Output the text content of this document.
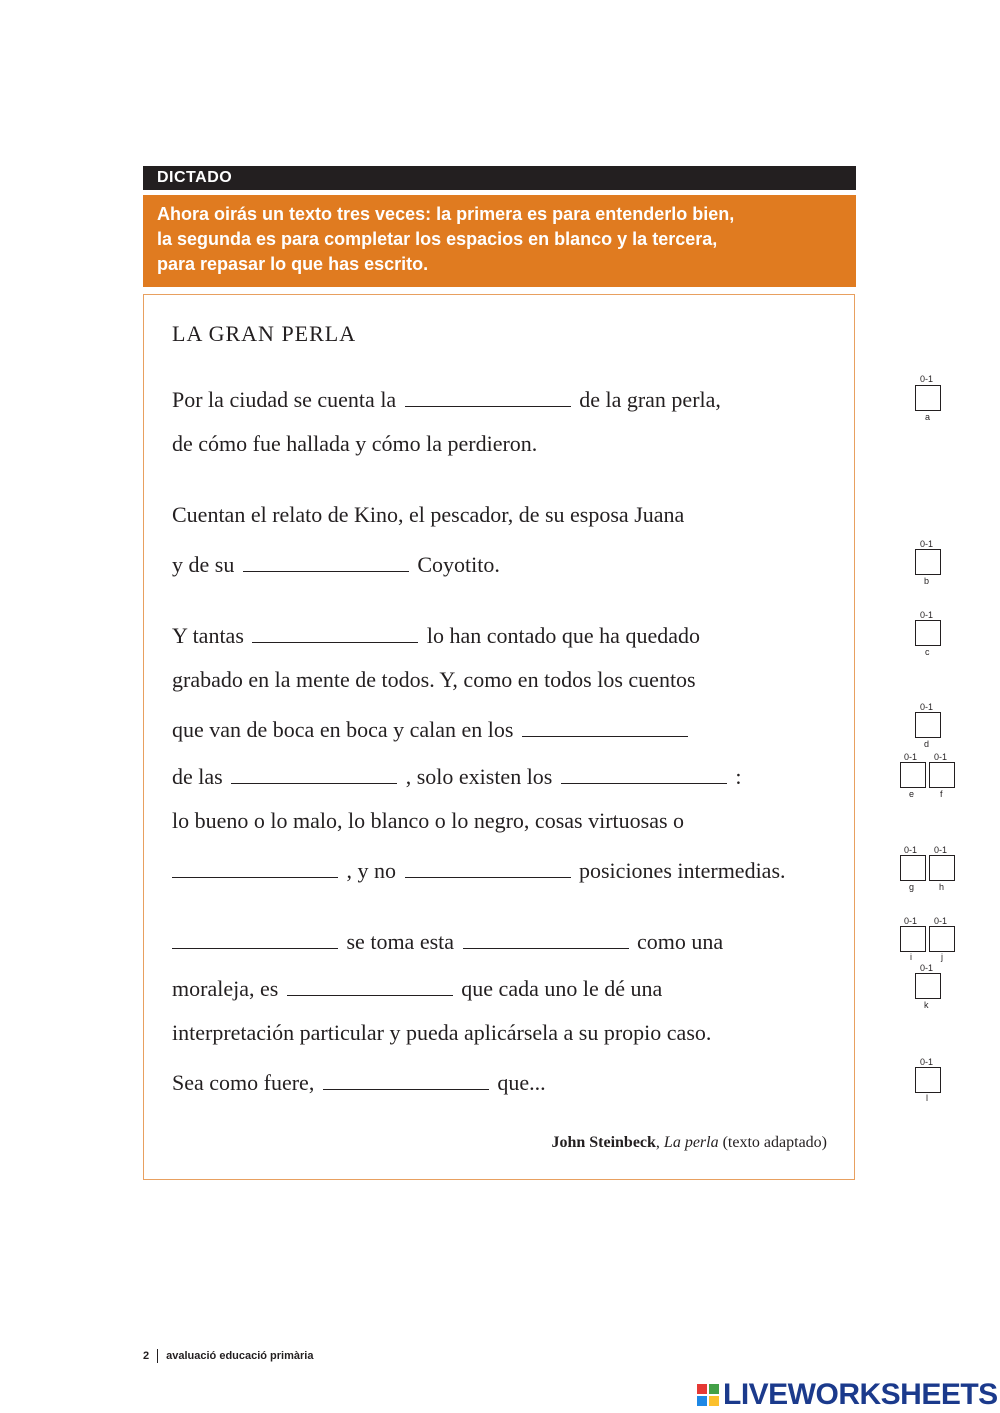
DICTADO
Ahora oirás un texto tres veces: la primera es para entenderlo bien,
la segunda es para completar los espacios en blanco y la tercera,
para repasar lo que has escrito.
LA GRAN PERLA
Por la ciudad se cuenta la	de la gran perla,
de cómo fue hallada y cómo la perdieron.
Cuentan el relato de Kino, el pescador, de su esposa Juana
y de su	Coyotito.
Y tantas	lo han contado que ha quedado
grabado en la mente de todos. Y, como en todos los cuentos
que van de boca en boca y calan en los
de las	, solo existen los	:
lo bueno o lo malo, lo blanco o lo negro, cosas virtuosas o
, y no	posiciones intermedias.
se toma esta	como una
moraleja, es	que cada uno le dé una
interpretación particular y pueda aplicársela a su propio caso.
Sea como fuere,	que...
John Steinbeck, La perla (texto adaptado)
0-1
a
0-1
b
0-1
c
0-1
d
0-1 0-1
e	f
0-1 0-1
g	h
0-1 0-1
i	j
0-1
k
0-1
l
2 avaluació educació primària
LIVEWORKSHEETS
